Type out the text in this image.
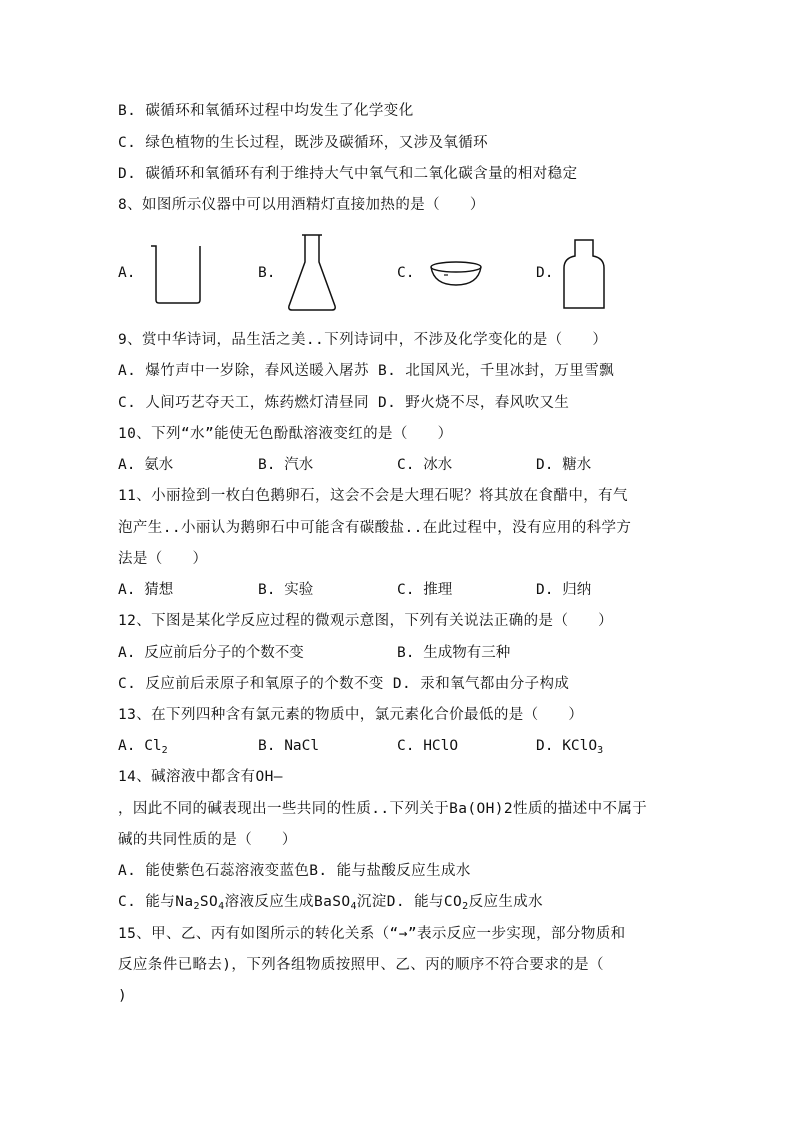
B. 碳循环和氧循环过程中均发生了化学变化
C. 绿色植物的生长过程，既涉及碳循环，又涉及氧循环
D. 碳循环和氧循环有利于维持大气中氧气和二氧化碳含量的相对稳定
8、如图所示仪器中可以用酒精灯直接加热的是（　　）
A.	B.	C.	D.
9、赏中华诗词，品生活之美..下列诗词中，不涉及化学变化的是（　　）
A. 爆竹声中一岁除，春风送暖入屠苏 B. 北国风光，千里冰封，万里雪飘
C. 人间巧艺夺天工，炼药燃灯清昼同 D. 野火烧不尽，春风吹又生
10、下列“水”能使无色酚酞溶液变红的是（　　）
A. 氨水	B. 汽水	C. 冰水	D. 糖水
11、小丽捡到一枚白色鹅卵石，这会不会是大理石呢？将其放在食醋中，有气
泡产生..小丽认为鹅卵石中可能含有碳酸盐..在此过程中，没有应用的科学方
法是（　　）
A. 猜想	B. 实验	C. 推理	D. 归纳
12、下图是某化学反应过程的微观示意图，下列有关说法正确的是（　　）
A. 反应前后分子的个数不变	B. 生成物有三种
C. 反应前后汞原子和氧原子的个数不变 D. 汞和氧气都由分子构成
13、在下列四种含有氯元素的物质中，氯元素化合价最低的是（　　）
A. $Cl_2$	B. NaCl	C. HClO	D. KClO$_3$
14、碱溶液中都含有OH—
，因此不同的碱表现出一些共同的性质..下列关于Ba(OH)2性质的描述中不属于
碱的共同性质的是（　　）
A. 能使紫色石蕊溶液变蓝色B. 能与盐酸反应生成水
C. 能与$Na_2SO_4$溶液反应生成BaSO$_4$沉淀D. 能与$CO_2$反应生成水
15、甲、乙、丙有如图所示的转化关系（“→”表示反应一步实现，部分物质和
反应条件已略去)，下列各组物质按照甲、乙、丙的顺序不符合要求的是（
)
